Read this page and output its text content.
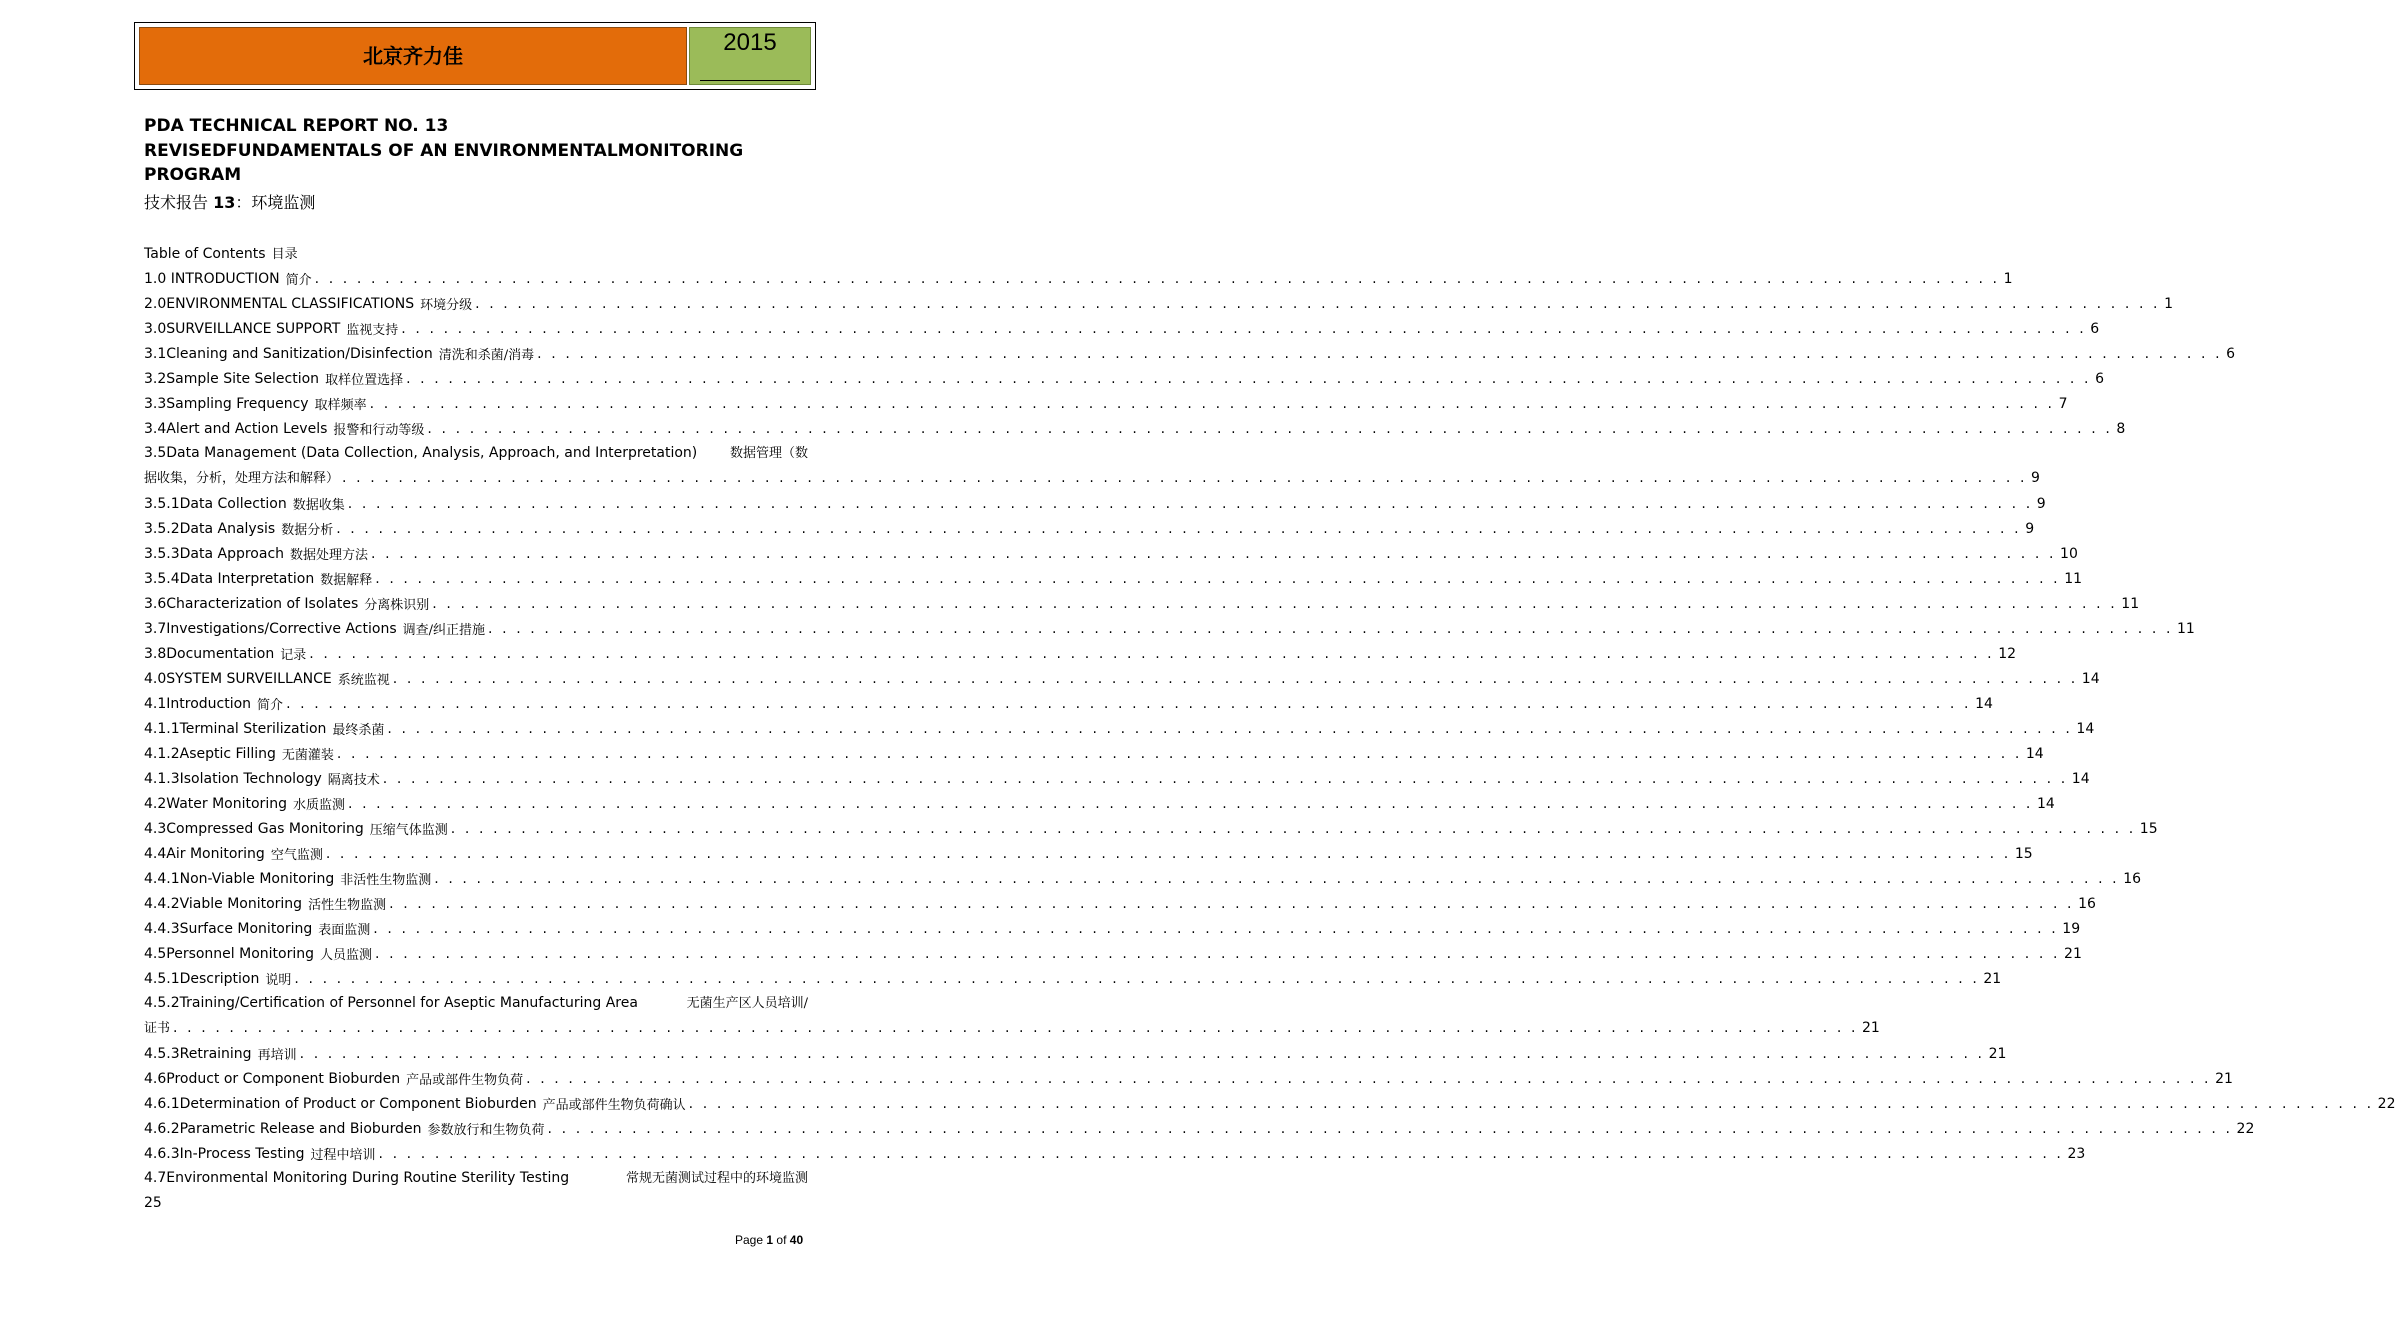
北京齐力佳	2015
PDA TECHNICAL REPORT NO. 13
REVISEDFUNDAMENTALS OF AN ENVIRONMENTALMONITORING
PROGRAM
技术报告 13：环境监测
Table of Contents 目录
1.0 INTRODUCTION 简介 . . . . . . . . . . . . . . . . . . . . . . . . . . . . . . . . . . . . . . . . . . . . . . . . . . . . . . . . . . . . . . . . . . . . . . . . . . . . . . . . . . . . . . . . . . . . . . . . . . . . . . . . . . . . . . . . . . . . . . . . 1
2.0ENVIRONMENTAL CLASSIFICATIONS 环境分级 . . . . . . . . . . . . . . . . . . . . . . . . . . . . . . . . . . . . . . . . . . . . . . . . . . . . . . . . . . . . . . . . . . . . . . . . . . . . . . . . . . . . . . . . . . . . . . . . . . . . . . . . . . . . . . . . . . . . . . . . 1
3.0SURVEILLANCE SUPPORT 监视支持 . . . . . . . . . . . . . . . . . . . . . . . . . . . . . . . . . . . . . . . . . . . . . . . . . . . . . . . . . . . . . . . . . . . . . . . . . . . . . . . . . . . . . . . . . . . . . . . . . . . . . . . . . . . . . . . . . . . . . . . . 6
3.1Cleaning and Sanitization/Disinfection 清洗和杀菌/消毒 . . . . . . . . . . . . . . . . . . . . . . . . . . . . . . . . . . . . . . . . . . . . . . . . . . . . . . . . . . . . . . . . . . . . . . . . . . . . . . . . . . . . . . . . . . . . . . . . . . . . . . . . . . . . . . . . . . . . . . . . 6
3.2Sample Site Selection 取样位置选择 . . . . . . . . . . . . . . . . . . . . . . . . . . . . . . . . . . . . . . . . . . . . . . . . . . . . . . . . . . . . . . . . . . . . . . . . . . . . . . . . . . . . . . . . . . . . . . . . . . . . . . . . . . . . . . . . . . . . . . . . 6
3.3Sampling Frequency 取样频率 . . . . . . . . . . . . . . . . . . . . . . . . . . . . . . . . . . . . . . . . . . . . . . . . . . . . . . . . . . . . . . . . . . . . . . . . . . . . . . . . . . . . . . . . . . . . . . . . . . . . . . . . . . . . . . . . . . . . . . . . 7
3.4Alert and Action Levels 报警和行动等级 . . . . . . . . . . . . . . . . . . . . . . . . . . . . . . . . . . . . . . . . . . . . . . . . . . . . . . . . . . . . . . . . . . . . . . . . . . . . . . . . . . . . . . . . . . . . . . . . . . . . . . . . . . . . . . . . . . . . . . . . 8
3.5Data Management (Data Collection, Analysis, Approach, and Interpretation)	数据管理（数
据收集，分析，处理方法和解释） . . . . . . . . . . . . . . . . . . . . . . . . . . . . . . . . . . . . . . . . . . . . . . . . . . . . . . . . . . . . . . . . . . . . . . . . . . . . . . . . . . . . . . . . . . . . . . . . . . . . . . . . . . . . . . . . . . . . . . . . 9
3.5.1Data Collection 数据收集 . . . . . . . . . . . . . . . . . . . . . . . . . . . . . . . . . . . . . . . . . . . . . . . . . . . . . . . . . . . . . . . . . . . . . . . . . . . . . . . . . . . . . . . . . . . . . . . . . . . . . . . . . . . . . . . . . . . . . . . . 9
3.5.2Data Analysis 数据分析 . . . . . . . . . . . . . . . . . . . . . . . . . . . . . . . . . . . . . . . . . . . . . . . . . . . . . . . . . . . . . . . . . . . . . . . . . . . . . . . . . . . . . . . . . . . . . . . . . . . . . . . . . . . . . . . . . . . . . . . . 9
3.5.3Data Approach 数据处理方法 . . . . . . . . . . . . . . . . . . . . . . . . . . . . . . . . . . . . . . . . . . . . . . . . . . . . . . . . . . . . . . . . . . . . . . . . . . . . . . . . . . . . . . . . . . . . . . . . . . . . . . . . . . . . . . . . . . . . . . . . 10
3.5.4Data Interpretation 数据解释 . . . . . . . . . . . . . . . . . . . . . . . . . . . . . . . . . . . . . . . . . . . . . . . . . . . . . . . . . . . . . . . . . . . . . . . . . . . . . . . . . . . . . . . . . . . . . . . . . . . . . . . . . . . . . . . . . . . . . . . . 11
3.6Characterization of Isolates 分离株识别 . . . . . . . . . . . . . . . . . . . . . . . . . . . . . . . . . . . . . . . . . . . . . . . . . . . . . . . . . . . . . . . . . . . . . . . . . . . . . . . . . . . . . . . . . . . . . . . . . . . . . . . . . . . . . . . . . . . . . . . . 11
3.7Investigations/Corrective Actions 调查/纠正措施 . . . . . . . . . . . . . . . . . . . . . . . . . . . . . . . . . . . . . . . . . . . . . . . . . . . . . . . . . . . . . . . . . . . . . . . . . . . . . . . . . . . . . . . . . . . . . . . . . . . . . . . . . . . . . . . . . . . . . . . . 11
3.8Documentation 记录 . . . . . . . . . . . . . . . . . . . . . . . . . . . . . . . . . . . . . . . . . . . . . . . . . . . . . . . . . . . . . . . . . . . . . . . . . . . . . . . . . . . . . . . . . . . . . . . . . . . . . . . . . . . . . . . . . . . . . . . . 12
4.0SYSTEM SURVEILLANCE 系统监视 . . . . . . . . . . . . . . . . . . . . . . . . . . . . . . . . . . . . . . . . . . . . . . . . . . . . . . . . . . . . . . . . . . . . . . . . . . . . . . . . . . . . . . . . . . . . . . . . . . . . . . . . . . . . . . . . . . . . . . . . 14
4.1Introduction 简介 . . . . . . . . . . . . . . . . . . . . . . . . . . . . . . . . . . . . . . . . . . . . . . . . . . . . . . . . . . . . . . . . . . . . . . . . . . . . . . . . . . . . . . . . . . . . . . . . . . . . . . . . . . . . . . . . . . . . . . . . 14
4.1.1Terminal Sterilization 最终杀菌 . . . . . . . . . . . . . . . . . . . . . . . . . . . . . . . . . . . . . . . . . . . . . . . . . . . . . . . . . . . . . . . . . . . . . . . . . . . . . . . . . . . . . . . . . . . . . . . . . . . . . . . . . . . . . . . . . . . . . . . . 14
4.1.2Aseptic Filling 无菌灌装 . . . . . . . . . . . . . . . . . . . . . . . . . . . . . . . . . . . . . . . . . . . . . . . . . . . . . . . . . . . . . . . . . . . . . . . . . . . . . . . . . . . . . . . . . . . . . . . . . . . . . . . . . . . . . . . . . . . . . . . . 14
4.1.3Isolation Technology 隔离技术 . . . . . . . . . . . . . . . . . . . . . . . . . . . . . . . . . . . . . . . . . . . . . . . . . . . . . . . . . . . . . . . . . . . . . . . . . . . . . . . . . . . . . . . . . . . . . . . . . . . . . . . . . . . . . . . . . . . . . . . . 14
4.2Water Monitoring 水质监测 . . . . . . . . . . . . . . . . . . . . . . . . . . . . . . . . . . . . . . . . . . . . . . . . . . . . . . . . . . . . . . . . . . . . . . . . . . . . . . . . . . . . . . . . . . . . . . . . . . . . . . . . . . . . . . . . . . . . . . . . 14
4.3Compressed Gas Monitoring 压缩气体监测 . . . . . . . . . . . . . . . . . . . . . . . . . . . . . . . . . . . . . . . . . . . . . . . . . . . . . . . . . . . . . . . . . . . . . . . . . . . . . . . . . . . . . . . . . . . . . . . . . . . . . . . . . . . . . . . . . . . . . . . . 15
4.4Air Monitoring 空气监测 . . . . . . . . . . . . . . . . . . . . . . . . . . . . . . . . . . . . . . . . . . . . . . . . . . . . . . . . . . . . . . . . . . . . . . . . . . . . . . . . . . . . . . . . . . . . . . . . . . . . . . . . . . . . . . . . . . . . . . . . 15
4.4.1Non-Viable Monitoring 非活性生物监测 . . . . . . . . . . . . . . . . . . . . . . . . . . . . . . . . . . . . . . . . . . . . . . . . . . . . . . . . . . . . . . . . . . . . . . . . . . . . . . . . . . . . . . . . . . . . . . . . . . . . . . . . . . . . . . . . . . . . . . . . 16
4.4.2Viable Monitoring 活性生物监测 . . . . . . . . . . . . . . . . . . . . . . . . . . . . . . . . . . . . . . . . . . . . . . . . . . . . . . . . . . . . . . . . . . . . . . . . . . . . . . . . . . . . . . . . . . . . . . . . . . . . . . . . . . . . . . . . . . . . . . . . 16
4.4.3Surface Monitoring 表面监测 . . . . . . . . . . . . . . . . . . . . . . . . . . . . . . . . . . . . . . . . . . . . . . . . . . . . . . . . . . . . . . . . . . . . . . . . . . . . . . . . . . . . . . . . . . . . . . . . . . . . . . . . . . . . . . . . . . . . . . . . 19
4.5Personnel Monitoring 人员监测 . . . . . . . . . . . . . . . . . . . . . . . . . . . . . . . . . . . . . . . . . . . . . . . . . . . . . . . . . . . . . . . . . . . . . . . . . . . . . . . . . . . . . . . . . . . . . . . . . . . . . . . . . . . . . . . . . . . . . . . . 21
4.5.1Description 说明 . . . . . . . . . . . . . . . . . . . . . . . . . . . . . . . . . . . . . . . . . . . . . . . . . . . . . . . . . . . . . . . . . . . . . . . . . . . . . . . . . . . . . . . . . . . . . . . . . . . . . . . . . . . . . . . . . . . . . . . . 21
4.5.2Training/Certification of Personnel for Aseptic Manufacturing Area	无菌生产区人员培训/
证书 . . . . . . . . . . . . . . . . . . . . . . . . . . . . . . . . . . . . . . . . . . . . . . . . . . . . . . . . . . . . . . . . . . . . . . . . . . . . . . . . . . . . . . . . . . . . . . . . . . . . . . . . . . . . . . . . . . . . . . . . 21
4.5.3Retraining 再培训 . . . . . . . . . . . . . . . . . . . . . . . . . . . . . . . . . . . . . . . . . . . . . . . . . . . . . . . . . . . . . . . . . . . . . . . . . . . . . . . . . . . . . . . . . . . . . . . . . . . . . . . . . . . . . . . . . . . . . . . . 21
4.6Product or Component Bioburden 产品或部件生物负荷 . . . . . . . . . . . . . . . . . . . . . . . . . . . . . . . . . . . . . . . . . . . . . . . . . . . . . . . . . . . . . . . . . . . . . . . . . . . . . . . . . . . . . . . . . . . . . . . . . . . . . . . . . . . . . . . . . . . . . . . . 21
4.6.1Determination of Product or Component Bioburden 产品或部件生物负荷确认 . . . . . . . . . . . . . . . . . . . . . . . . . . . . . . . . . . . . . . . . . . . . . . . . . . . . . . . . . . . . . . . . . . . . . . . . . . . . . . . . . . . . . . . . . . . . . . . . . . . . . . . . . . . . . . . . . . . . . . . . 22
4.6.2Parametric Release and Bioburden 参数放行和生物负荷 . . . . . . . . . . . . . . . . . . . . . . . . . . . . . . . . . . . . . . . . . . . . . . . . . . . . . . . . . . . . . . . . . . . . . . . . . . . . . . . . . . . . . . . . . . . . . . . . . . . . . . . . . . . . . . . . . . . . . . . . 22
4.6.3In-Process Testing 过程中培训 . . . . . . . . . . . . . . . . . . . . . . . . . . . . . . . . . . . . . . . . . . . . . . . . . . . . . . . . . . . . . . . . . . . . . . . . . . . . . . . . . . . . . . . . . . . . . . . . . . . . . . . . . . . . . . . . . . . . . . . . 23
4.7Environmental Monitoring During Routine Sterility Testing	常规无菌测试过程中的环境监测
25
Page 1 of 40
